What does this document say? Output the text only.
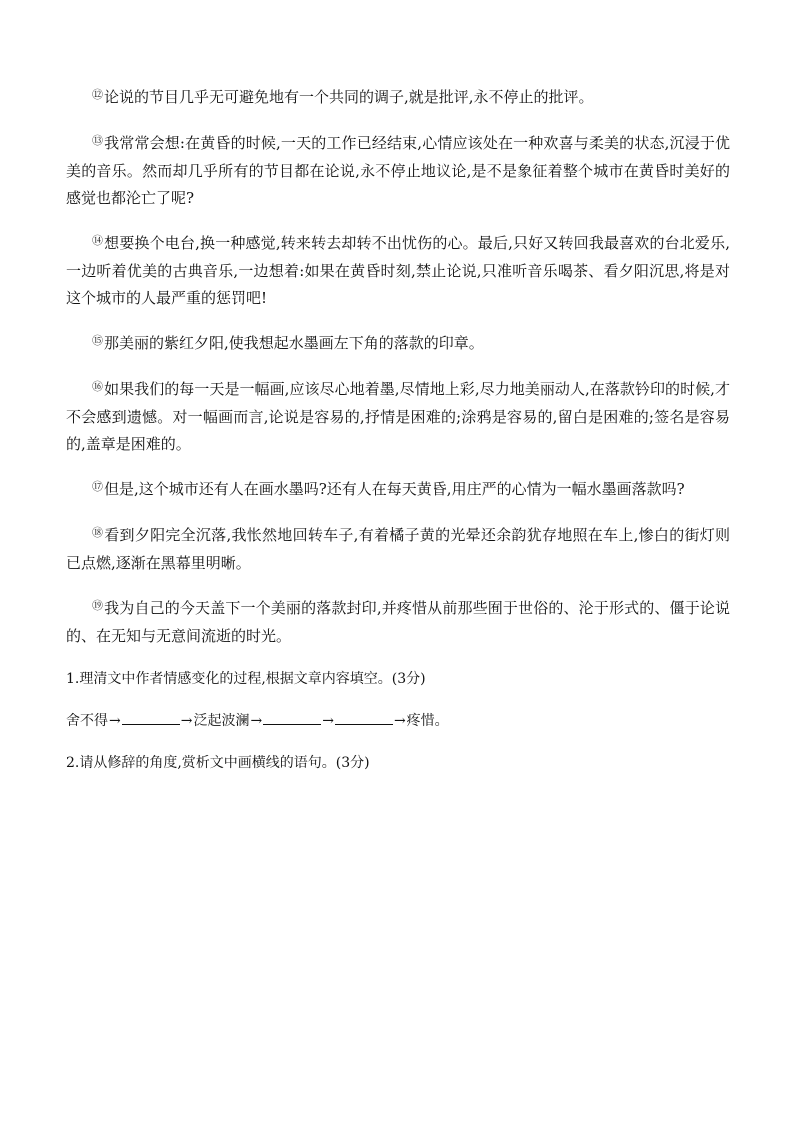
⑫论说的节目几乎无可避免地有一个共同的调子,就是批评,永不停止的批评。

⑬我常常会想:在黄昏的时候,一天的工作已经结束,心情应该处在一种欢喜与柔美的状态,沉浸于优美的音乐。然而却几乎所有的节目都在论说,永不停止地议论,是不是象征着整个城市在黄昏时美好的感觉也都沦亡了呢?

⑭想要换个电台,换一种感觉,转来转去却转不出忧伤的心。最后,只好又转回我最喜欢的台北爱乐,一边听着优美的古典音乐,一边想着:如果在黄昏时刻,禁止论说,只准听音乐喝茶、看夕阳沉思,将是对这个城市的人最严重的惩罚吧!

⑮那美丽的紫红夕阳,使我想起水墨画左下角的落款的印章。

⑯如果我们的每一天是一幅画,应该尽心地着墨,尽情地上彩,尽力地美丽动人,在落款钤印的时候,才不会感到遗憾。对一幅画而言,论说是容易的,抒情是困难的;涂鸦是容易的,留白是困难的;签名是容易的,盖章是困难的。

⑰但是,这个城市还有人在画水墨吗?还有人在每天黄昏,用庄严的心情为一幅水墨画落款吗?

⑱看到夕阳完全沉落,我怅然地回转车子,有着橘子黄的光晕还余韵犹存地照在车上,惨白的街灯则已点燃,逐渐在黑幕里明晰。

⑲我为自己的今天盖下一个美丽的落款封印,并疼惜从前那些囿于世俗的、沦于形式的、僵于论说的、在无知与无意间流逝的时光。

1.理清文中作者情感变化的过程,根据文章内容填空。(3分)

舍不得→	→泛起波澜→	→	→疼惜。

2.请从修辞的角度,赏析文中画横线的语句。(3分)
